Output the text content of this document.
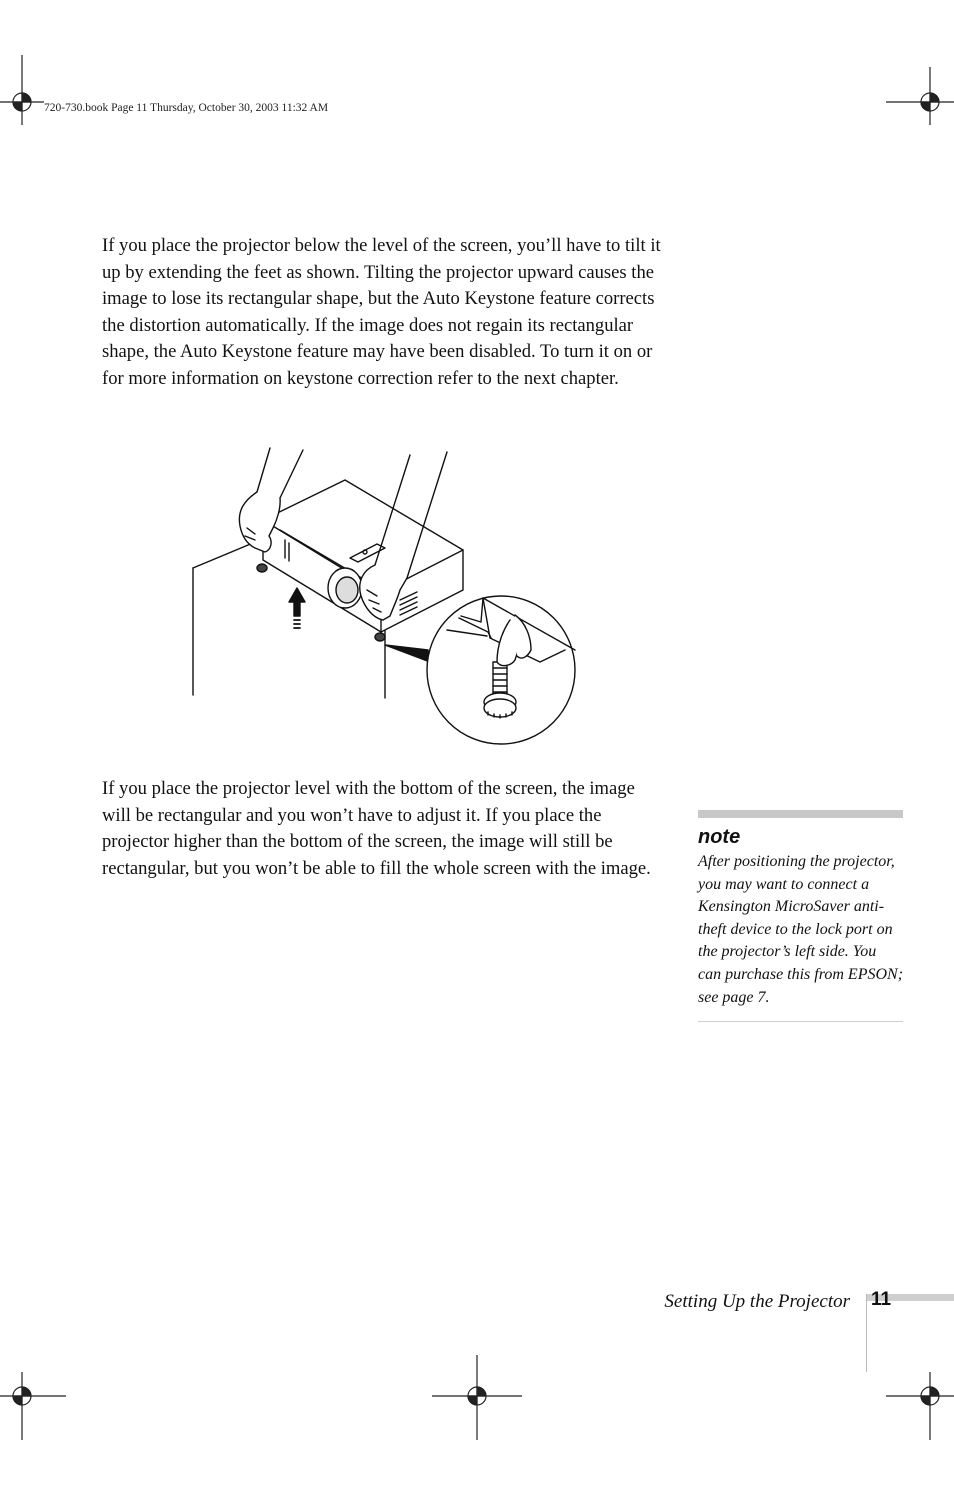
720-730.book Page 11 Thursday, October 30, 2003 11:32 AM

If you place the projector below the level of the screen, you’ll have to tilt it up by extending the feet as shown. Tilting the projector upward causes the image to lose its rectangular shape, but the Auto Keystone feature corrects the distortion automatically. If the image does not regain its rectangular shape, the Auto Keystone feature may have been disabled. To turn it on or for more information on keystone correction refer to the next chapter.

If you place the projector level with the bottom of the screen, the image will be rectangular and you won’t have to adjust it. If you place the projector higher than the bottom of the screen, the image will still be rectangular, but you won’t be able to fill the whole screen with the image.

note
After positioning the projector, you may want to connect a Kensington MicroSaver anti-theft device to the lock port on the projector’s left side. You can purchase this from EPSON; see page 7.
Setting Up the Projector 11
